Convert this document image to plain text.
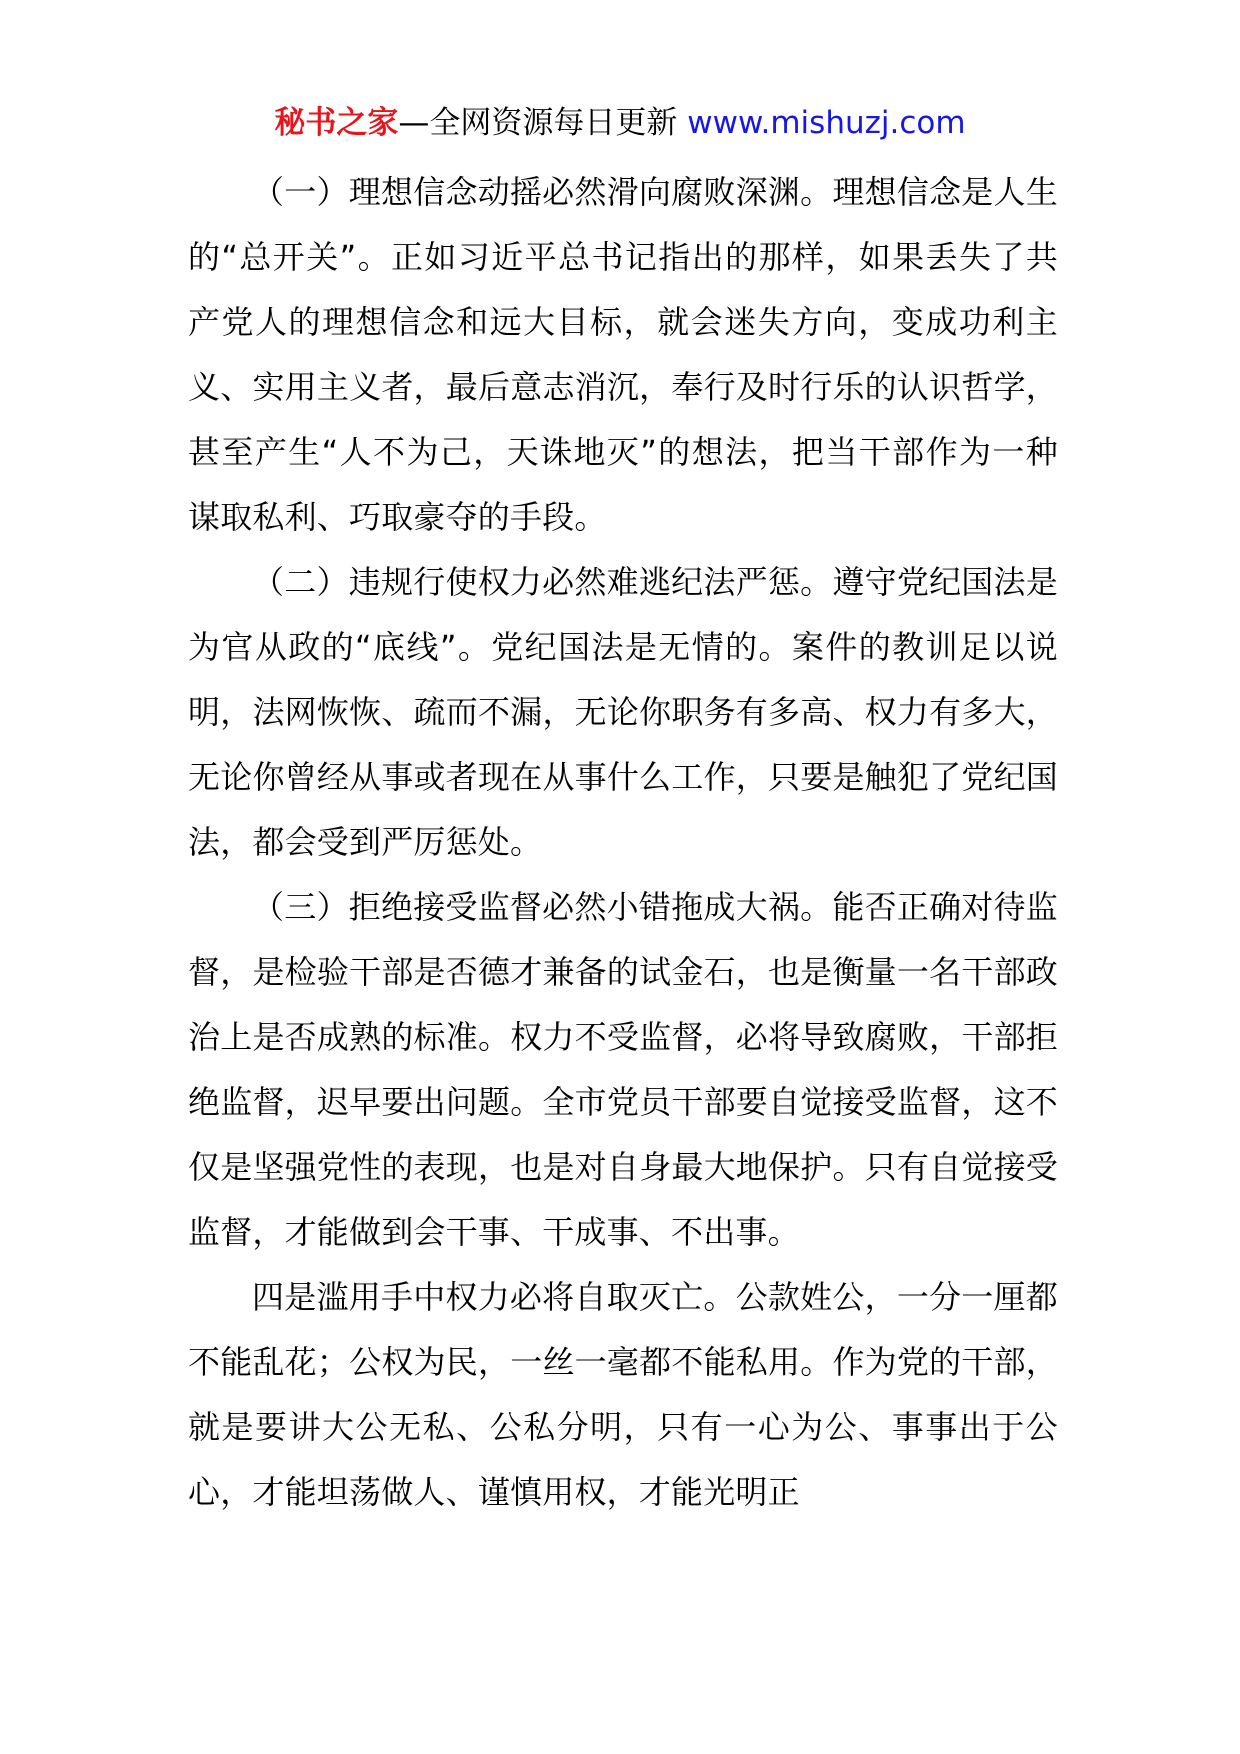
秘书之家—全网资源每日更新 www.mishuzj.com

（一）理想信念动摇必然滑向腐败深渊。理想信念是人生的“总开关”。正如习近平总书记指出的那样，如果丢失了共产党人的理想信念和远大目标，就会迷失方向，变成功利主义、实用主义者，最后意志消沉，奉行及时行乐的认识哲学，甚至产生“人不为己，天诛地灭”的想法，把当干部作为一种谋取私利、巧取豪夺的手段。

（二）违规行使权力必然难逃纪法严惩。遵守党纪国法是为官从政的“底线”。党纪国法是无情的。案件的教训足以说明，法网恢恢、疏而不漏，无论你职务有多高、权力有多大，无论你曾经从事或者现在从事什么工作，只要是触犯了党纪国法，都会受到严厉惩处。

（三）拒绝接受监督必然小错拖成大祸。能否正确对待监督，是检验干部是否德才兼备的试金石，也是衡量一名干部政治上是否成熟的标准。权力不受监督，必将导致腐败，干部拒绝监督，迟早要出问题。全市党员干部要自觉接受监督，这不仅是坚强党性的表现，也是对自身最大地保护。只有自觉接受监督，才能做到会干事、干成事、不出事。

四是滥用手中权力必将自取灭亡。公款姓公，一分一厘都不能乱花；公权为民，一丝一毫都不能私用。作为党的干部，就是要讲大公无私、公私分明，只有一心为公、事事出于公心，才能坦荡做人、谨慎用权，才能光明正
